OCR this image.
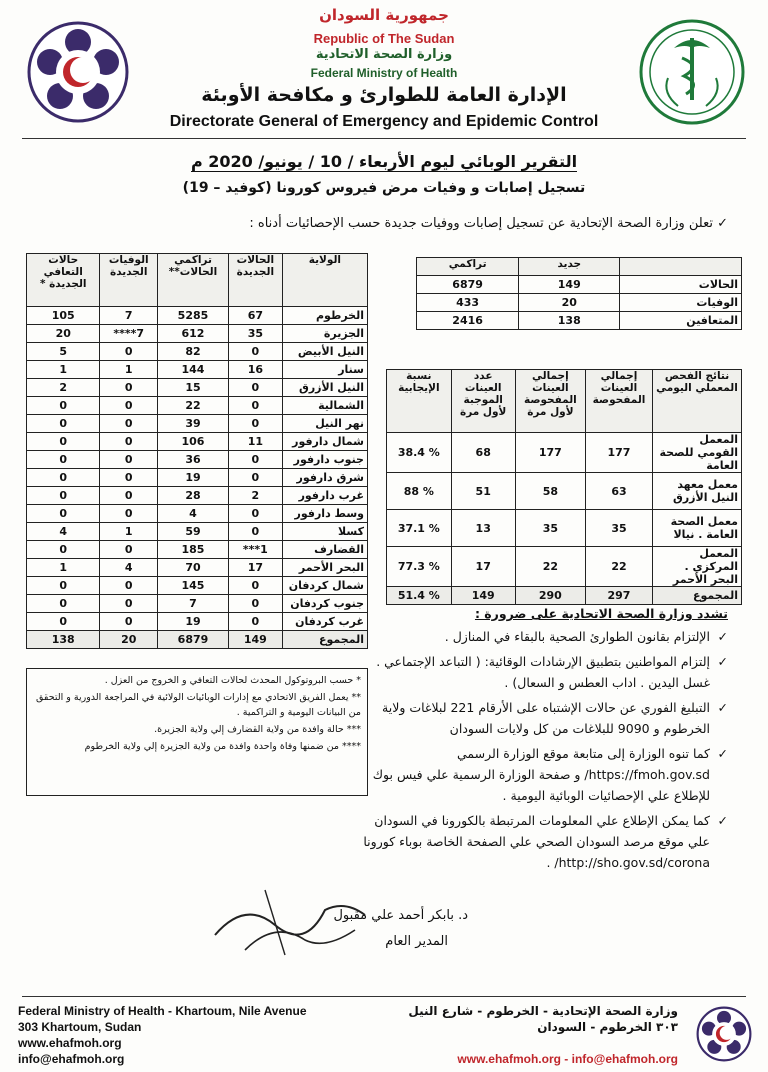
جمهورية السودان
Republic of The Sudan
وزارة الصحة الاتحادية
Federal Ministry of Health
الإدارة العامة للطوارئ و مكافحة الأوبئة
Directorate General of Emergency and Epidemic Control
التقرير الوبائي ليوم الأربعاء / 10 / يونيو/ 2020 م
تسجيل إصابات و وفيات مرض فيروس كورونا (كوفيد – 19)
✓ تعلن وزارة الصحة الإتحادية عن تسجيل إصابات ووفيات جديدة حسب الإحصائيات أدناه :
الولاية	الحالات الجديدة	تراكمي الحالات**	الوفيات الجديدة	حالات التعافي الجديدة *
الخرطوم	67	5285	7	105
الجزيرة	35	612	7****	20
النيل الأبيض	0	82	0	5
سنار	16	144	1	1
النيل الأزرق	0	15	0	2
الشمالية	0	22	0	0
نهر النيل	0	39	0	0
شمال دارفور	11	106	0	0
جنوب دارفور	0	36	0	0
شرق دارفور	0	19	0	0
غرب دارفور	2	28	0	0
وسط دارفور	0	4	0	0
كسلا	0	59	1	4
القضارف	1***	185	0	0
البحر الأحمر	17	70	4	1
شمال كردفان	0	145	0	0
جنوب كردفان	0	7	0	0
غرب كردفان	0	19	0	0
المجموع	149	6879	20	138
* حسب البروتوكول المحدث لحالات التعافي و الخروج من العزل .
** يعمل الفريق الاتحادي مع إدارات الوبائيات الولائية في المراجعة الدورية و التحقق من البيانات اليومية و التراكمية .
*** حالة وافدة من ولاية القضارف إلي ولاية الجزيرة.
**** من ضمنها وفاة واحدة وافدة من ولاية الجزيرة إلي ولاية الخرطوم
	جديد	تراكمي
الحالات	149	6879
الوفيات	20	433
المتعافين	138	2416
نتائج الفحص المعملي اليومي	إجمالي العينات المفحوصة	إجمالي العينات المفحوصة لأول مرة	عدد العينات الموجبة لأول مرة	نسبة الإيجابية
المعمل القومي للصحة العامة	177	177	68	% 38.4
معمل معهد النيل الأزرق	63	58	51	% 88
معمل الصحة العامة . نيالا	35	35	13	% 37.1
المعمل المركزي . البحر الأحمر	22	22	17	% 77.3
المجموع	297	290	149	% 51.4
تشدد وزارة الصحة الاتحادية على ضرورة :
✓ الإلتزام بقانون الطوارئ الصحية بالبقاء في المنازل .
✓ إلتزام المواطنين بتطبيق الإرشادات الوقائية: ( التباعد الإجتماعي . غسل اليدين . اداب العطس و السعال) .
✓ التبليغ الفوري عن حالات الإشتباه على الأرقام 221 لبلاغات ولاية الخرطوم و 9090 للبلاغات من كل ولايات السودان
✓ كما تنوه الوزارة إلى متابعة موقع الوزارة الرسمي https://fmoh.gov.sd/ و صفحة الوزارة الرسمية علي فيس بوك للإطلاع علي الإحصائيات الوبائية اليومية .
✓ كما يمكن الإطلاع علي المعلومات المرتبطة بالكورونا في السودان علي موقع مرصد السودان الصحي علي الصفحة الخاصة بوباء كورونا http://sho.gov.sd/corona/ .
د. بابكر أحمد علي مقبول
المدير العام
Federal Ministry of Health - Khartoum, Nile Avenue
303 Khartoum, Sudan
www.ehafmoh.org
info@ehafmoh.org
وزارة الصحة الإتحادية - الخرطوم - شارع النيل
٣٠٣ الخرطوم - السودان
www.ehafmoh.org - info@ehafmoh.org
